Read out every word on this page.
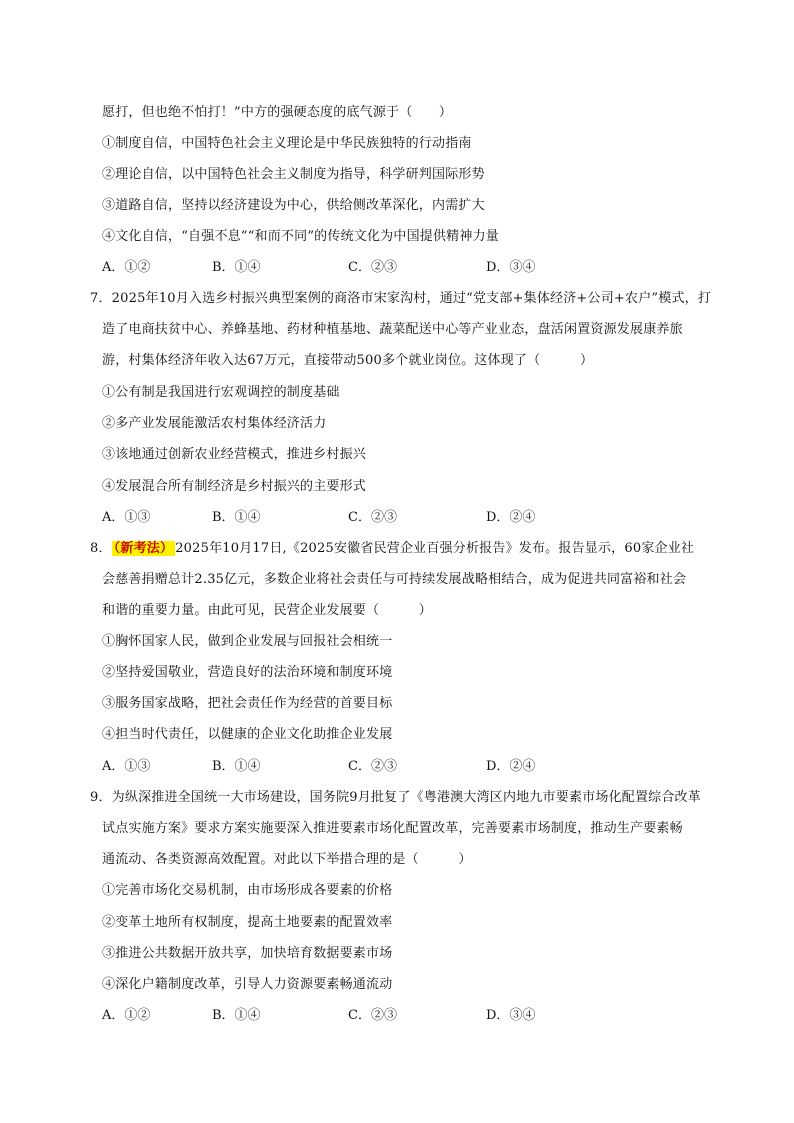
愿打，但也绝不怕打！”中方的强硬态度的底气源于（　　）
①制度自信，中国特色社会主义理论是中华民族独特的行动指南
②理论自信，以中国特色社会主义制度为指导，科学研判国际形势
③道路自信，坚持以经济建设为中心，供给侧改革深化，内需扩大
④文化自信，“自强不息”“和而不同”的传统文化为中国提供精神力量
A．①②	B．①④	C．②③	D．③④
7．2025年10月入选乡村振兴典型案例的商洛市宋家沟村，通过“党支部+集体经济+公司+农户”模式，打
造了电商扶贫中心、养蜂基地、药材种植基地、蔬菜配送中心等产业业态，盘活闲置资源发展康养旅
游，村集体经济年收入达67万元，直接带动500多个就业岗位。这体现了（　　　）
①公有制是我国进行宏观调控的制度基础
②多产业发展能激活农村集体经济活力
③该地通过创新农业经营模式，推进乡村振兴
④发展混合所有制经济是乡村振兴的主要形式
A．①③	B．①④	C．②③	D．②④
8． （新考法） 2025年10月17日,《2025安徽省民营企业百强分析报告》发布。报告显示，60家企业社
会慈善捐赠总计2.35亿元，多数企业将社会责任与可持续发展战略相结合，成为促进共同富裕和社会
和谐的重要力量。由此可见，民营企业发展要（　　　）
①胸怀国家人民，做到企业发展与回报社会相统一
②坚持爱国敬业，营造良好的法治环境和制度环境
③服务国家战略，把社会责任作为经营的首要目标
④担当时代责任，以健康的企业文化助推企业发展
A．①③	B．①④	C．②③	D．②④
9．为纵深推进全国统一大市场建设，国务院9月批复了《粤港澳大湾区内地九市要素市场化配置综合改革
试点实施方案》要求方案实施要深入推进要素市场化配置改革，完善要素市场制度，推动生产要素畅
通流动、各类资源高效配置。对此以下举措合理的是（　　　）
①完善市场化交易机制，由市场形成各要素的价格
②变革土地所有权制度，提高土地要素的配置效率
③推进公共数据开放共享，加快培育数据要素市场
④深化户籍制度改革，引导人力资源要素畅通流动
A．①②	B．①④	C．②③	D．③④
